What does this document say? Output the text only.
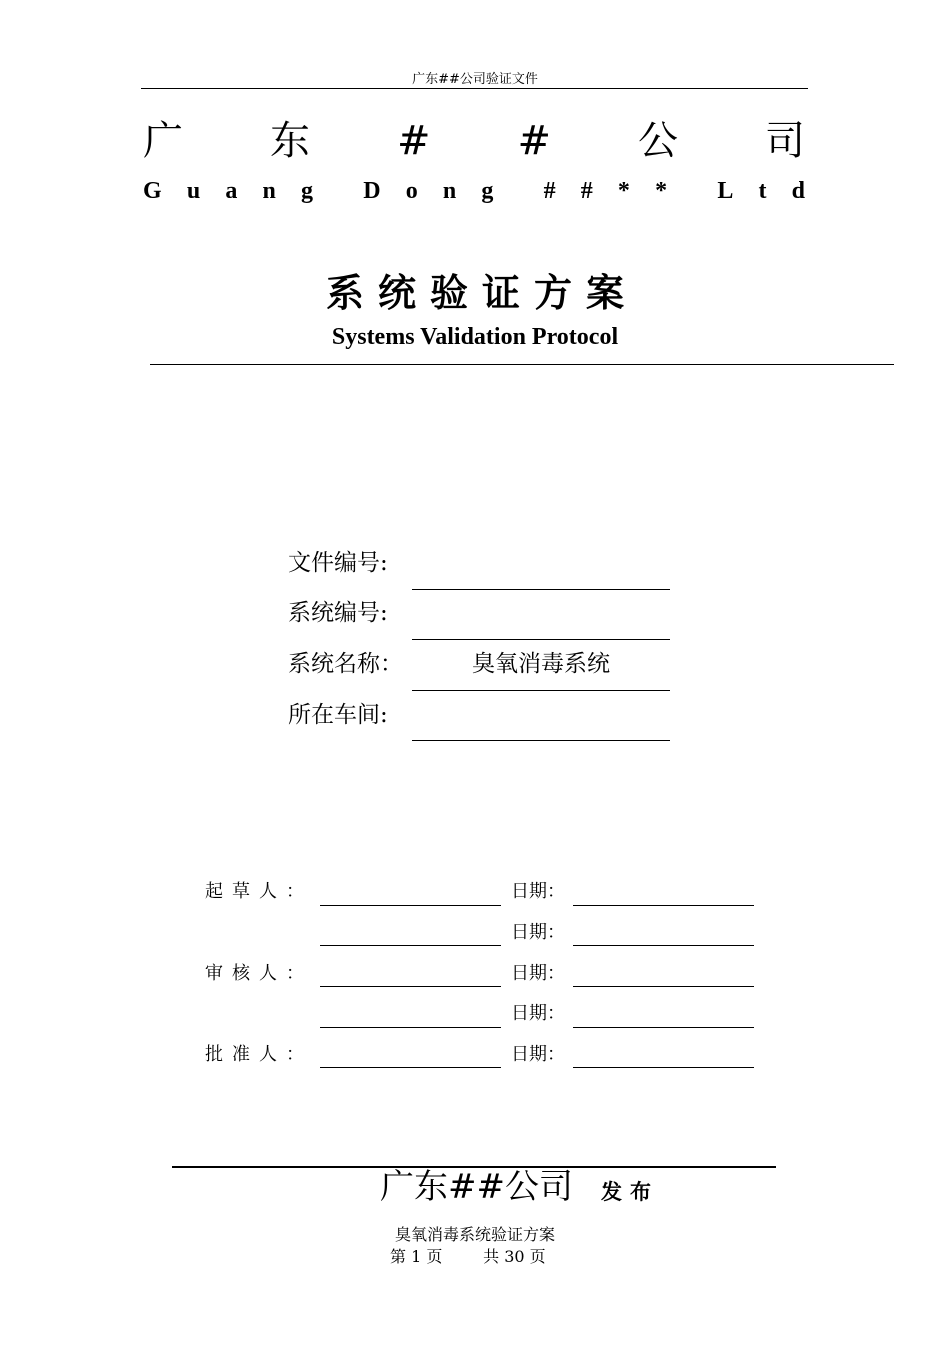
广东##公司验证文件
广 东 # # 公 司
G u a n g D o n g # # * * L t d
系统验证方案
Systems Validation Protocol
文件编号:
系统编号:
系统名称：	臭氧消毒系统
所在车间:
起草人：	日期：
日期：
审核人：	日期：
日期：
批准人：	日期：
广东##公司 发布
臭氧消毒系统验证方案
第 1 页	共 30 页
